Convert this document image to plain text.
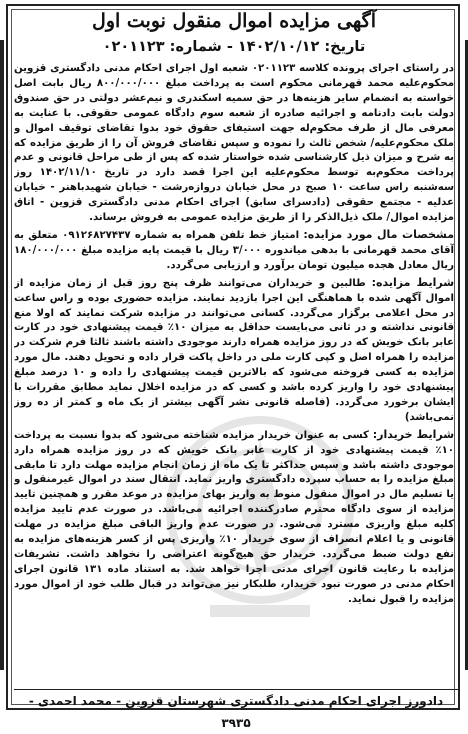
آگهی مزایده اموال منقول نوبت اول
تاریخ: ۱۴۰۲/۱۰/۱۲ - شماره: ۰۲۰۱۱۲۳

در راستای اجرای پرونده کلاسه ۰۲۰۱۱۲۳ شعبه اول اجرای احکام مدنی دادگستری قزوین محکوم‌علیه محمد قهرمانی محکوم است به پرداخت مبلغ ۸۰۰/۰۰۰/۰۰۰ ریال بابت اصل خواسته به انضمام سایر هزینه‌ها در حق سمیه اسکندری و نیم‌عشر دولتی در حق صندوق دولت بابت دادنامه و اجرائیه صادره از شعبه سوم دادگاه عمومی حقوقی. با عنایت به معرفی مال از طرف محکوم‌له جهت استیفای حقوق خود بدوا تقاضای توقیف اموال و ملک محکوم‌علیه/ شخص ثالث را نموده و سپس تقاضای فروش آن را از طریق مزایده که به شرح و میزان ذیل کارشناسی شده خواستار شده که پس از طی مراحل قانونی و عدم پرداخت محکوم‌به توسط محکوم‌علیه این اجرا قصد دارد در تاریخ ۱۴۰۲/۱۱/۱۰ روز سه‌شنبه راس ساعت ۱۰ صبح در محل خیابان درواز‌ه‌رشت - خیابان شهیدباهنر - خیابان عدلیه - مجتمع حقوقی (دادسرای سابق) اجرای احکام مدنی دادگستری قزوین - اتاق مزایده اموال/ ملک ذیل‌الذکر را از طریق مزایده عمومی به فروش برساند.

مشخصات مال مورد مزایده: امتیاز خط تلفن همراه به شماره ۰۹۱۲۶۸۲۷۴۳۷ متعلق به آقای محمد قهرمانی با بدهی میاندوره ۳/۰۰۰ ریال با قیمت پایه مزایده مبلغ ۱۸۰/۰۰۰/۰۰۰ ریال معادل هجده میلیون تومان برآورد و ارزیابی می‌گردد.

شرایط مزایده: طالبین و خریداران می‌توانند ظرف پنج روز قبل از زمان مزایده از اموال آگهی شده با هماهنگی این اجرا بازدید نمایند. مزایده حضوری بوده و راس ساعت در محل اعلامی برگزار می‌گردد. کسانی می‌توانند در مزایده شرکت نمایند که اولا منع قانونی نداشته و در ثانی می‌بایست حداقل به میزان ۱۰٪ قیمت پیشنهادی خود در کارت عابر بانک خویش که در روز مزایده همراه دارند موجودی داشته باشند ثالثا فرم شرکت در مزایده را همراه اصل و کپی کارت ملی در داخل پاکت قرار داده و تحویل دهند. مال مورد مزایده به کسی فروخته می‌شود که بالاترین قیمت پیشنهادی را داده و ۱۰ درصد مبلغ پیشنهادی خود را واریز کرده باشد و کسی که در مزایده اخلال نماید مطابق مقررات با ایشان برخورد می‌گردد. (فاصله قانونی نشر آگهی بیشتر از یک ماه و کمتر از ده روز نمی‌باشد)

شرایط خریدار: کسی به عنوان خریدار مزایده شناخته می‌شود که بدوا نسبت به پرداخت ۱۰٪ قیمت پیشنهادی خود از کارت عابر بانک خویش که در روز مزایده همراه دارد موجودی داشته باشد و سپس حداکثر تا یک ماه از زمان انجام مزایده مهلت دارد تا مابقی مبلغ مزایده را به حساب سپرده دادگستری واریز نماید. انتقال سند در اموال غیرمنقول و یا تسلیم مال در اموال منقول منوط به واریز بهای مزایده در موعد مقرر و همچنین تایید مزایده از سوی دادگاه محترم صادرکننده اجرائیه می‌باشد. در صورت عدم تایید مزایده کلیه مبلغ واریزی مسترد می‌شود. در صورت عدم واریز الباقی مبلغ مزایده در مهلت قانونی و یا اعلام انصراف از سوی خریدار ۱۰٪ واریزی پس از کسر هزینه‌های مزایده به نفع دولت ضبط می‌گردد. خریدار حق هیچ‌گونه اعتراضی را نخواهد داشت. تشریفات مزایده با رعایت قانون اجرای مدنی اجرا خواهد شد. به استناد ماده ۱۳۱ قانون اجرای احکام مدنی در صورت نبود خریدار، طلبکار نیز می‌تواند در قبال طلب خود از اموال مورد مزایده را قبول نماید.

دادورز اجرای احکام مدنی دادگستری شهرستان قزوین - محمد احمدی -
